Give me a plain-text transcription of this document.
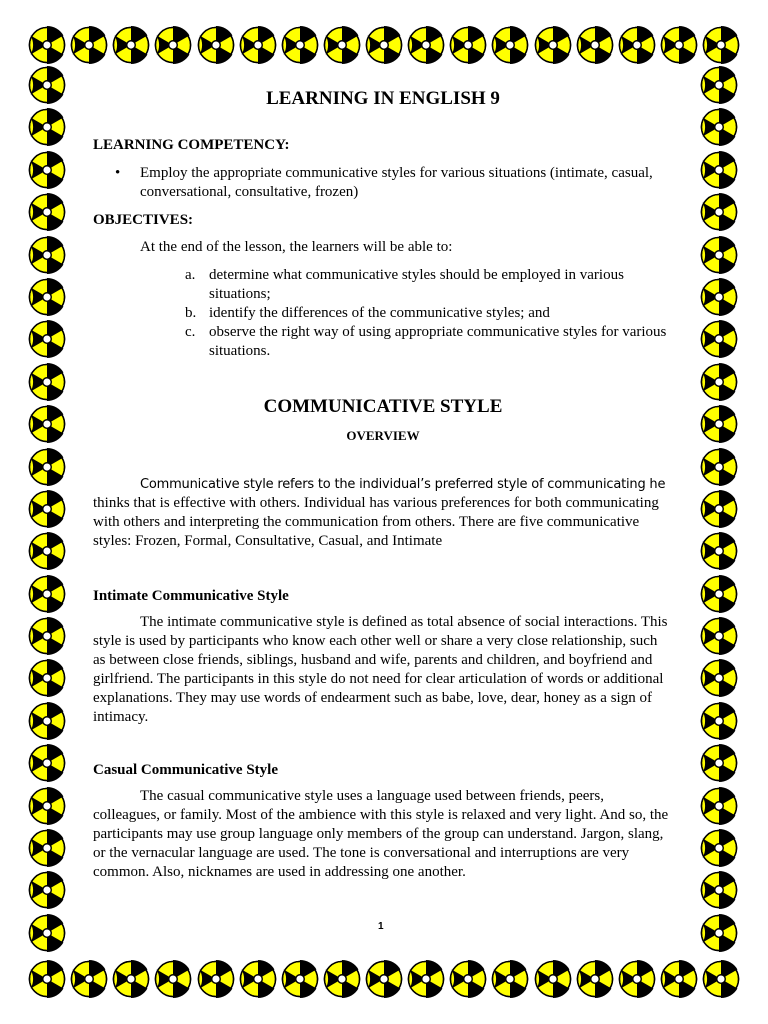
LEARNING IN ENGLISH 9
LEARNING COMPETENCY:
•	Employ the appropriate communicative styles for various situations (intimate, casual, conversational, consultative, frozen)
OBJECTIVES:
At the end of the lesson, the learners will be able to:
a. determine what communicative styles should be employed in various situations;
b. identify the differences of the communicative styles; and
c. observe the right way of using appropriate communicative styles for various situations.
COMMUNICATIVE STYLE
OVERVIEW

Communicative style refers to the individual’s preferred style of communicating he thinks that is effective with others. Individual has various preferences for both communicating with others and interpreting the communication from others. There are five communicative styles: Frozen, Formal, Consultative, Casual, and Intimate

Intimate Communicative Style

The intimate communicative style is defined as total absence of social interactions. This style is used by participants who know each other well or share a very close relationship, such as between close friends, siblings, husband and wife, parents and children, and boyfriend and girlfriend. The participants in this style do not need for clear articulation of words or additional explanations. They may use words of endearment such as babe, love, dear, honey as a sign of intimacy.

Casual Communicative Style

The casual communicative style uses a language used between friends, peers, colleagues, or family. Most of the ambience with this style is relaxed and very light. And so, the participants may use group language only members of the group can understand. Jargon, slang, or the vernacular language are used. The tone is conversational and interruptions are very common. Also, nicknames are used in addressing one another.

1
